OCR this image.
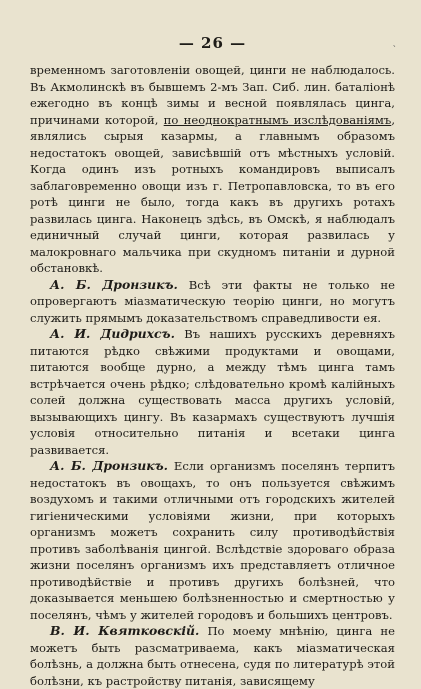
`
— 26 —

временномъ заготовленіи овощей, цинги не наблюдалось. Въ Акмолинскѣ въ бывшемъ 2-мъ Зап. Сиб. лин. баталіонѣ ежегодно въ концѣ зимы и весной появлялась цинга, причинами которой, по неоднократнымъ изслѣдованіямъ, являлись сырыя казармы, а главнымъ образомъ недостатокъ овощей, зависѣвшій отъ мѣстныхъ условій. Когда одинъ изъ ротныхъ командировъ выписалъ заблаговременно овощи изъ г. Петропавловска, то въ его ротѣ цинги не было, тогда какъ въ другихъ ротахъ развилась цинга. Наконецъ здѣсь, въ Омскѣ, я наблюдалъ единичный случай цинги, которая развилась у малокровнаго мальчика при скудномъ питаніи и дурной обстановкѣ.

А. Б. Дронзикъ. Всѣ эти факты не только не опровергаютъ міазматическую теорію цинги, но могутъ служить прямымъ доказательствомъ справедливости ея.

А. И. Дидрихсъ. Въ нашихъ русскихъ деревняхъ питаются рѣдко свѣжими продуктами и овощами, питаются вообще дурно, а между тѣмъ цинга тамъ встрѣчается очень рѣдко; слѣдовательно кромѣ калійныхъ солей должна существовать масса другихъ условій, вызывающихъ цингу. Въ казармахъ существуютъ лучшія условія относительно питанія и всетаки цинга развивается.

А. Б. Дронзикъ. Если организмъ поселянъ терпитъ недостатокъ въ овощахъ, то онъ пользуется свѣжимъ воздухомъ и такими отличными отъ городскихъ жителей гигіеническими условіями жизни, при которыхъ организмъ можетъ сохранить силу противодѣйствія противъ заболѣванія цингой. Вслѣдствіе здороваго образа жизни поселянъ организмъ ихъ представляетъ отличное противодѣйствіе и противъ другихъ болѣзней, что доказывается меньшею болѣзненностью и смертностью у поселянъ, чѣмъ у жителей городовъ и большихъ центровъ.

В. И. Квятковскій. По моему мнѣнію, цинга не можетъ быть разсматриваема, какъ міазматическая болѣзнь, а должна быть отнесена, судя по литературѣ этой болѣзни, къ растройству питанія, зависящему
